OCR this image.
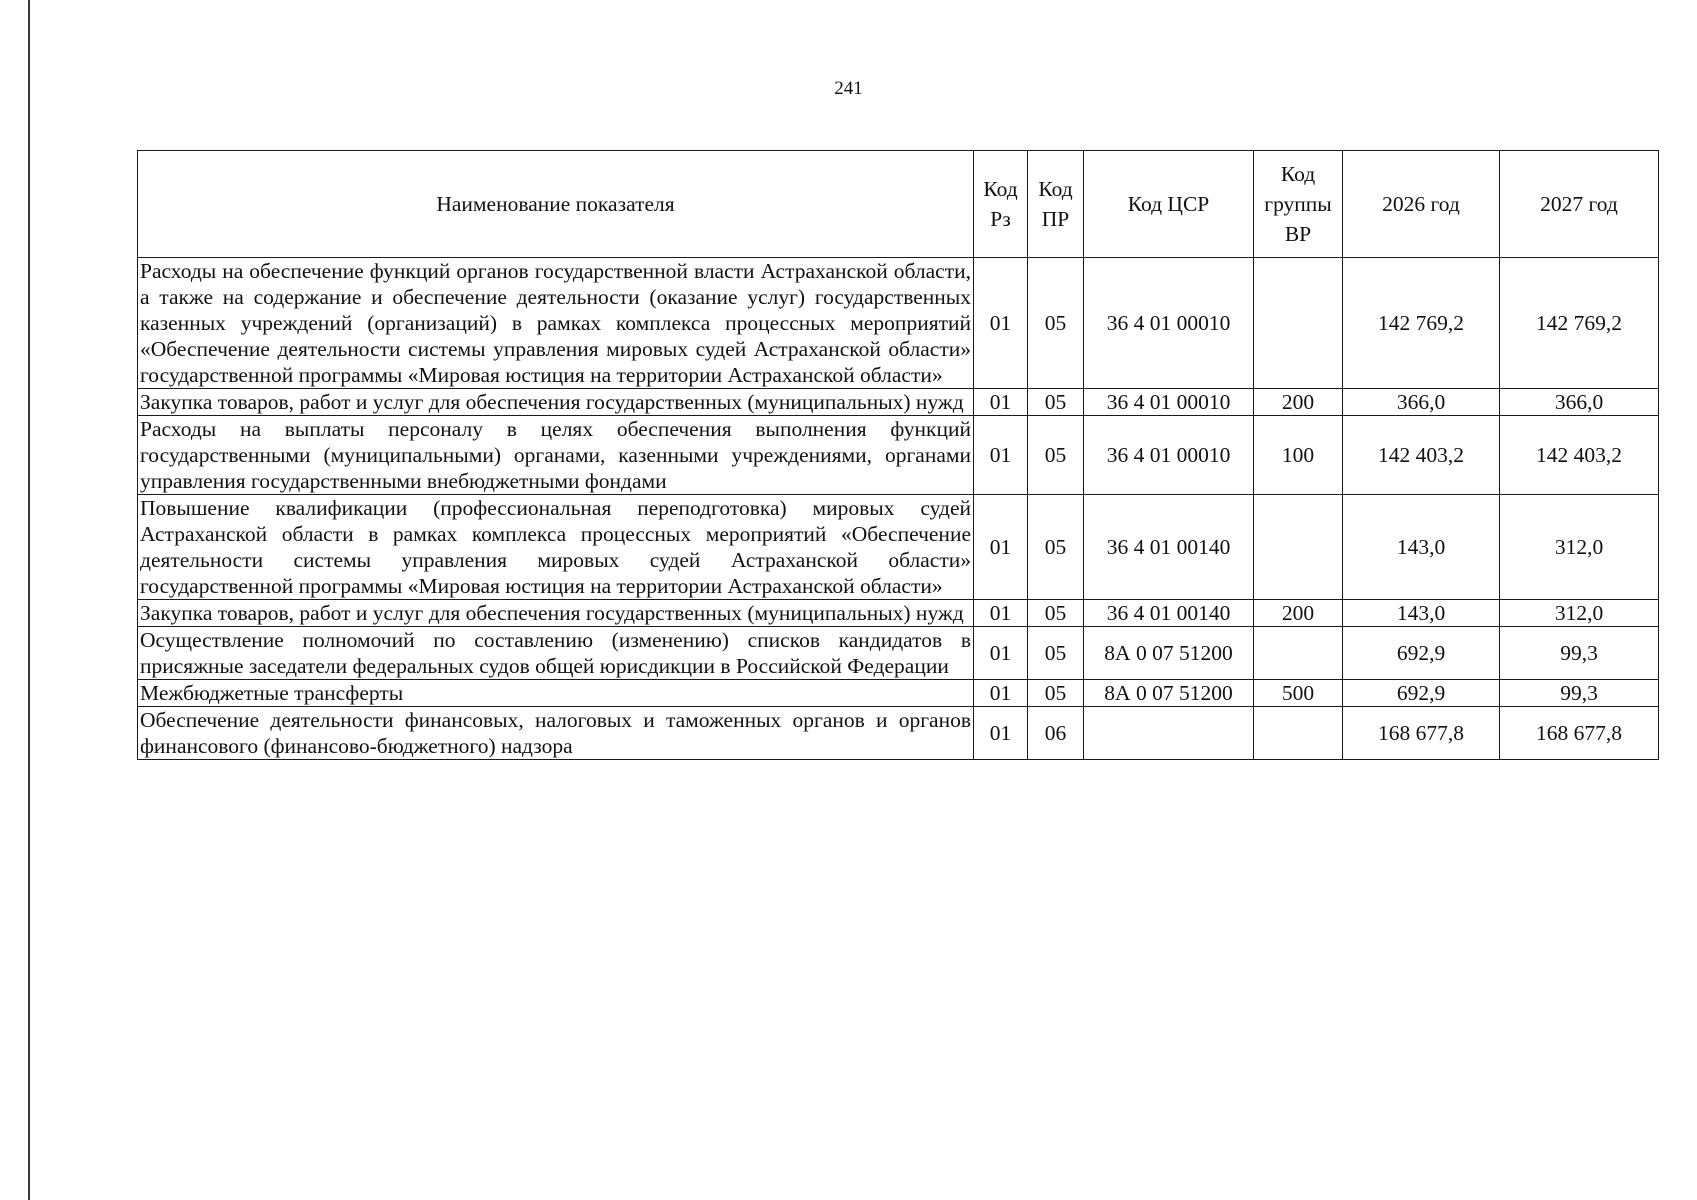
241
Наименование показателя	Код Рз	Код ПР	Код ЦСР	Код группы ВР	2026 год	2027 год
Расходы на обеспечение функций органов государственной власти Астраханской области, а также на содержание и обеспечение деятельности (оказание услуг) государственных казенных учреждений (организаций) в рамках комплекса процессных мероприятий «Обеспечение деятельности системы управления мировых судей Астраханской области» государственной программы «Мировая юстиция на территории Астраханской области»	01	05	36 4 01 00010		142 769,2	142 769,2
Закупка товаров, работ и услуг для обеспечения государственных (муниципальных) нужд	01	05	36 4 01 00010	200	366,0	366,0
Расходы на выплаты персоналу в целях обеспечения выполнения функций государственными (муниципальными) органами, казенными учреждениями, органами управления государственными внебюджетными фондами	01	05	36 4 01 00010	100	142 403,2	142 403,2
Повышение квалификации (профессиональная переподготовка) мировых судей Астраханской области в рамках комплекса процессных мероприятий «Обеспечение деятельности системы управления мировых судей Астраханской области» государственной программы «Мировая юстиция на территории Астраханской области»	01	05	36 4 01 00140		143,0	312,0
Закупка товаров, работ и услуг для обеспечения государственных (муниципальных) нужд	01	05	36 4 01 00140	200	143,0	312,0
Осуществление полномочий по составлению (изменению) списков кандидатов в присяжные заседатели федеральных судов общей юрисдикции в Российской Федерации	01	05	8А 0 07 51200		692,9	99,3
Межбюджетные трансферты	01	05	8А 0 07 51200	500	692,9	99,3
Обеспечение деятельности финансовых, налоговых и таможенных органов и органов финансового (финансово-бюджетного) надзора	01	06			168 677,8	168 677,8
